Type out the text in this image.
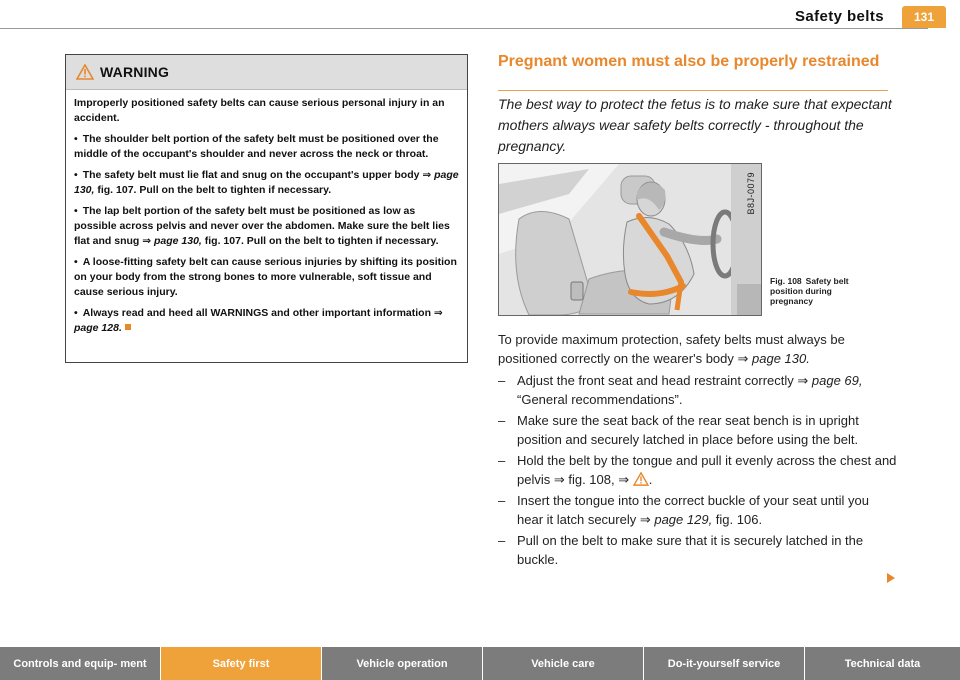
Safety belts	131
WARNING

Improperly positioned safety belts can cause serious personal injury in an accident.

• The shoulder belt portion of the safety belt must be positioned over the middle of the occupant's shoulder and never across the neck or throat.

• The safety belt must lie flat and snug on the occupant's upper body ⇒ page 130, fig. 107. Pull on the belt to tighten if necessary.

• The lap belt portion of the safety belt must be positioned as low as possible across pelvis and never over the abdomen. Make sure the belt lies flat and snug ⇒ page 130, fig. 107. Pull on the belt to tighten if necessary.

• A loose-fitting safety belt can cause serious injuries by shifting its position on your body from the strong bones to more vulnerable, soft tissue and cause serious injury.

• Always read and heed all WARNINGS and other important information ⇒ page 128.

Pregnant women must also be properly restrained
The best way to protect the fetus is to make sure that expectant mothers always wear safety belts correctly - throughout the pregnancy.
B8J-0079
Fig. 108 Safety belt position during pregnancy
To provide maximum protection, safety belts must always be positioned correctly on the wearer's body ⇒ page 130.
– Adjust the front seat and head restraint correctly ⇒ page 69, “General recommendations”.
– Make sure the seat back of the rear seat bench is in upright position and securely latched in place before using the belt.
– Hold the belt by the tongue and pull it evenly across the chest and pelvis ⇒ fig. 108, ⇒ .
– Insert the tongue into the correct buckle of your seat until you hear it latch securely ⇒ page 129, fig. 106.
– Pull on the belt to make sure that it is securely latched in the buckle.
Controls and equip- ment	Safety first	Vehicle operation	Vehicle care	Do-it-yourself service	Technical data
